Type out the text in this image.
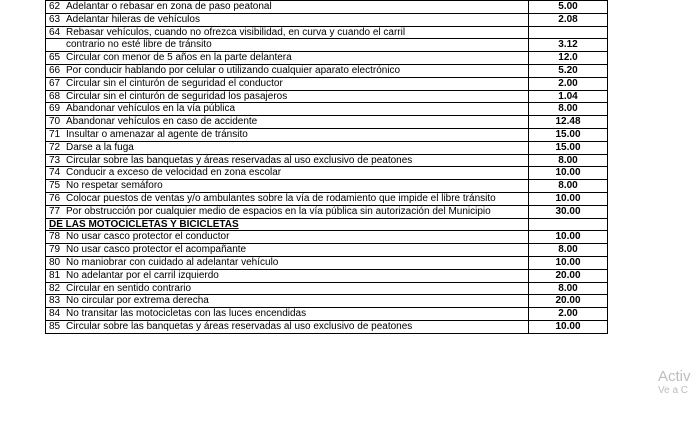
62 Adelantar o rebasar en zona de paso peatonal	5.00
63 Adelantar hileras de vehículos	2.08
64 Rebasar vehículos, cuando no ofrezca visibilidad, en curva y cuando el carril	
contrario no esté libre de tránsito	3.12
65 Circular con menor de 5 años en la parte delantera	12.0
66 Por conducir hablando por celular o utilizando cualquier aparato electrónico	5.20
67 Circular sin el cinturón de seguridad el conductor	2.00
68 Circular sin el cinturón de seguridad los pasajeros	1.04
69 Abandonar vehículos en la vía pública	8.00
70 Abandonar vehículos en caso de accidente	12.48
71 Insultar o amenazar al agente de tránsito	15.00
72 Darse a la fuga	15.00
73 Circular sobre las banquetas y áreas reservadas al uso exclusivo de peatones	8.00
74 Conducir a exceso de velocidad en zona escolar	10.00
75 No respetar semáforo	8.00
76 Colocar puestos de ventas y/o ambulantes sobre la vía de rodamiento que impide el libre tránsito	10.00
77 Por obstrucción por cualquier medio de espacios en la vía pública sin autorización del Municipio	30.00
DE LAS MOTOCICLETAS Y BICICLETAS	
78 No usar casco protector el conductor	10.00
79 No usar casco protector el acompañante	8.00
80 No maniobrar con cuidado al adelantar vehículo	10.00
81 No adelantar por el carril izquierdo	20.00
82 Circular en sentido contrario	8.00
83 No circular por extrema derecha	20.00
84 No transitar las motocicletas con las luces encendidas	2.00
85 Circular sobre las banquetas y áreas reservadas al uso exclusivo de peatones	10.00
Activ
Ve a C
